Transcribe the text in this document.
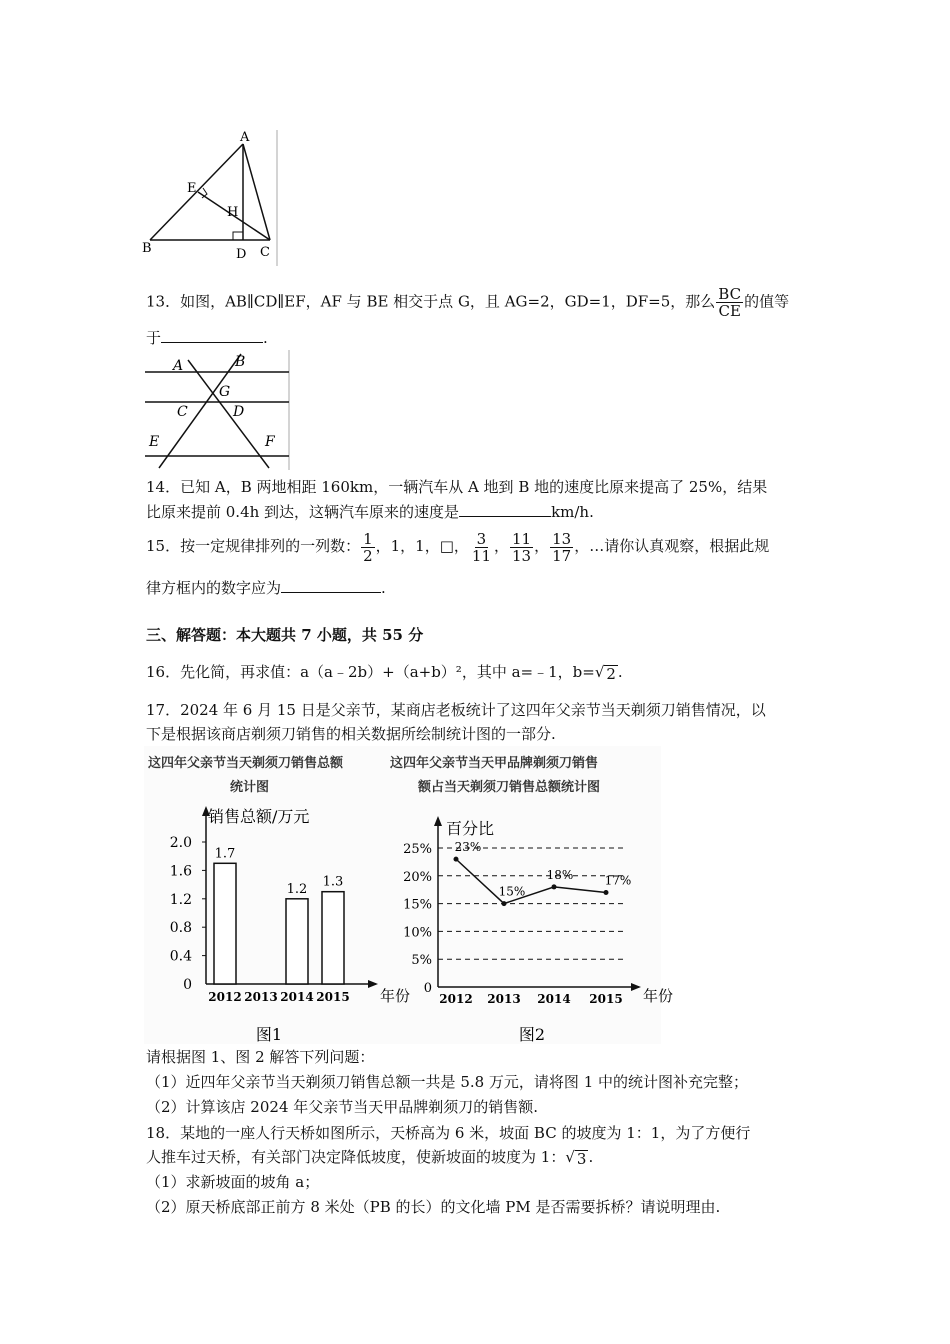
A
E
H
B	D C
13．如图，AB∥CD∥EF，AF 与 BE 相交于点 G，且 AG=2，GD=1，DF=5，那么 $\frac{BC}{CE}$ 的值等
于	.
A	B
G
C	D
E	F
14．已知 A，B 两地相距 160km，一辆汽车从 A 地到 B 地的速度比原来提高了 25%，结果
比原来提前 0.4h 到达，这辆汽车原来的速度是	km/h.
15．按一定规律排列的一列数： $\frac{1}{2}$ ，1，1，□， $\frac{3}{11}$ ， $\frac{11}{13}$ ， $\frac{13}{17}$ ，…请你认真观察，根据此规
律方框内的数字应为	.
三、解答题：本大题共 7 小题，共 55 分
16．先化简，再求值：a（a﹣2b）+（a+b）²，其中 a=﹣1，b= √ 2 .
17．2024 年 6 月 15 日是父亲节，某商店老板统计了这四年父亲节当天剃须刀销售情况，以
下是根据该商店剃须刀销售的相关数据所绘制统计图的一部分.
这四年父亲节当天剃须刀销售总额
统计图
这四年父亲节当天甲品牌剃须刀销售
额占当天剃须刀销售总额统计图
销售总额/万元
年份
0
0.4
0.8
1.2
1.6
2.0
2012
1.7
2013 2014
1.2
2015
1.3
图1
百分比
年份
0
5%
10%
15%
20%
25%
2012
23%
2013
15%
2014
18%
2015
17%
图2
请根据图 1、图 2 解答下列问题：
（1）近四年父亲节当天剃须刀销售总额一共是 5.8 万元，请将图 1 中的统计图补充完整；
（2）计算该店 2024 年父亲节当天甲品牌剃须刀的销售额.
18．某地的一座人行天桥如图所示，天桥高为 6 米，坡面 BC 的坡度为 1：1，为了方便行
人推车过天桥，有关部门决定降低坡度，使新坡面的坡度为 1： √ 3 .
（1）求新坡面的坡角 a；
（2）原天桥底部正前方 8 米处（PB 的长）的文化墙 PM 是否需要拆桥？请说明理由.
